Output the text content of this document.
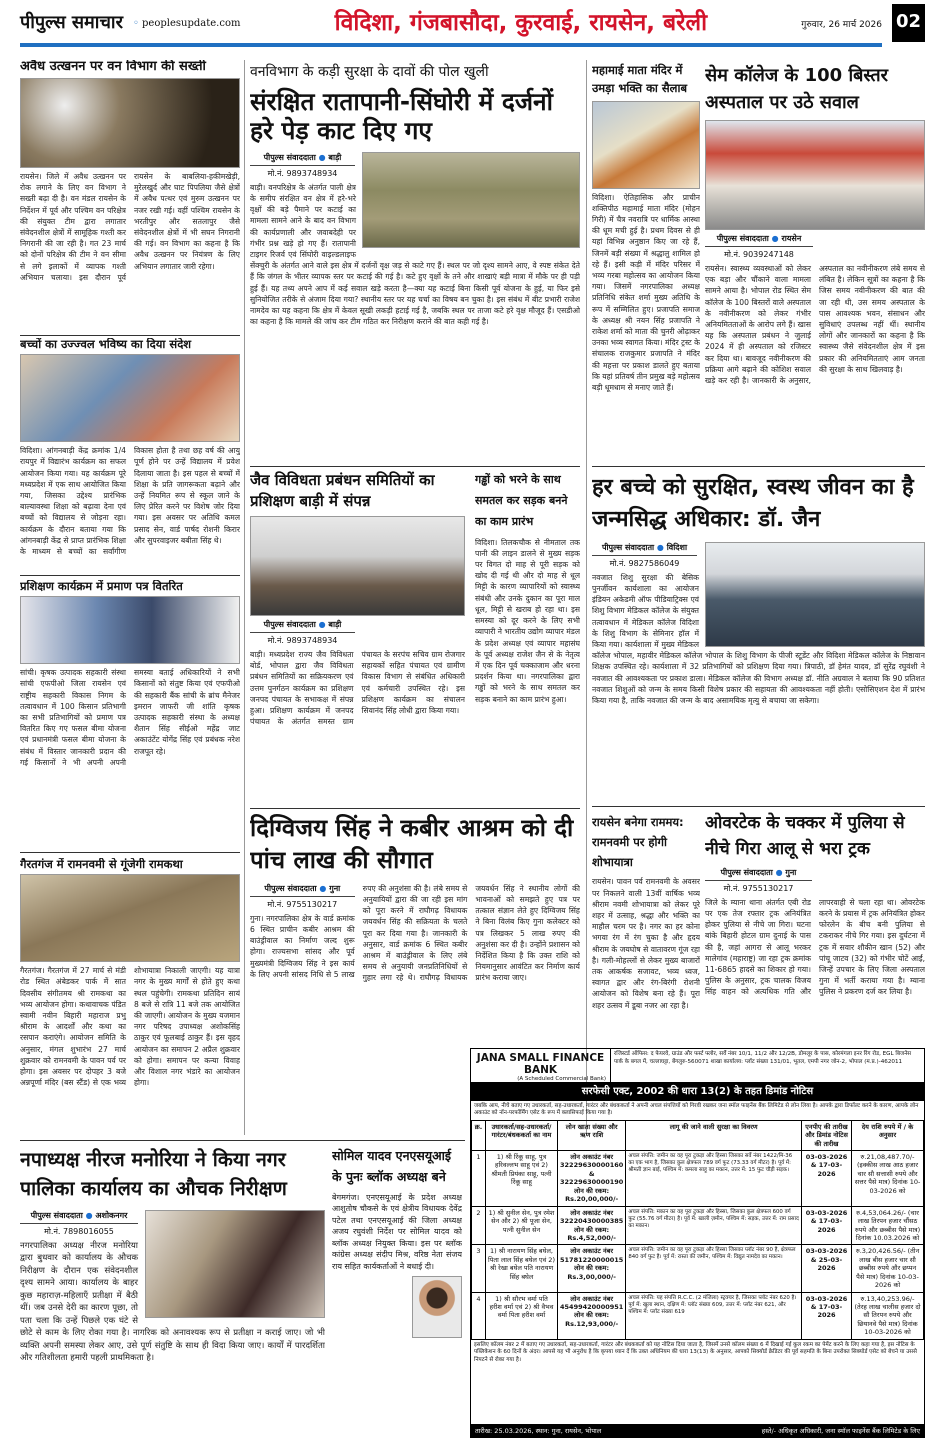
पीपुल्स समाचार ◦ peoplesupdate.com	विदिशा, गंजबासौदा, कुरवाई, रायसेन, बरेली	गुरुवार, 26 मार्च 2026 02
अवैध उत्खनन पर वन विभाग की सख्ती
रायसेन। जिले में अवैध उत्खनन पर रोक लगाने के लिए वन विभाग ने सख्ती बढ़ा दी है। वन मंडल रायसेन के निर्देशन में पूर्व और पश्चिम वन परिक्षेत्र की संयुक्त टीम द्वारा लगातार संवेदनशील क्षेत्रों में सामूहिक गश्ती कर निगरानी की जा रही है। गत 23 मार्च को दोनों परिक्षेत्र की टीम ने वन सीमा से लगे इलाकों में व्यापक गश्ती अभियान चलाया। इस दौरान पूर्व रायसेन के बाबलिया-हकीमखेड़ी, मुरेलखुर्द और घाट पिपलिया जैसे क्षेत्रों में अवैध पत्थर एवं मुरुम उत्खनन पर नजर रखी गई। वहीं पश्चिम रायसेन के भरतीपुर और सतलापुर जैसे संवेदनशील क्षेत्रों में भी सघन निगरानी की गई। वन विभाग का कहना है कि अवैध उत्खनन पर नियंत्रण के लिए अभियान लगातार जारी रहेगा।
बच्चों का उज्ज्वल भविष्य का दिया संदेश
विदिशा। आंगनबाड़ी केंद्र क्रमांक 1/4 रायपुर में विद्यारंभ कार्यक्रम का सफल आयोजन किया गया। यह कार्यक्रम पूरे मध्यप्रदेश में एक साथ आयोजित किया गया, जिसका उद्देश्य प्रारंभिक बाल्यावस्था शिक्षा को बढ़ावा देना एवं बच्चों को विद्यालय से जोड़ना रहा। कार्यक्रम के दौरान बताया गया कि आंगनबाड़ी केंद्र से प्राप्त प्रारंभिक शिक्षा के माध्यम से बच्चों का सर्वांगीण विकास होता है तथा छह वर्ष की आयु पूर्ण होने पर उन्हें विद्यालय में प्रवेश दिलाया जाता है। इस पहल से बच्चों में शिक्षा के प्रति जागरूकता बढ़ाने और उन्हें नियमित रूप से स्कूल जाने के लिए प्रेरित करने पर विशेष जोर दिया गया। इस अवसर पर अतिथि कमल प्रसाद सेन, वार्ड पार्षद रोशनी किरार और सुपरवाइजर बबीता सिंह थे।
प्रशिक्षण कार्यक्रम में प्रमाण पत्र वितरित
सांची। कृषक उत्पादक सहकारी संस्था सांची एफपीओ जिला रायसेन एवं राष्ट्रीय सहकारी विकास निगम के तत्वावधान में 100 किसान प्रतिभागी का सभी प्रतिभागियों को प्रमाण पत्र वितरित किए गए फसल बीमा योजना एवं प्रधानमंत्री फसल बीमा योजना के संबंध में विस्तार जानकारी प्रदान की गई किसानों ने भी अपनी अपनी समस्या बताई अधिकारियों ने सभी किसानों को संतुष्ट किया एवं एफपीओ की सहकारी बैंक सांची के ब्रांच मैनेजर इमरान जाफरी जी शांति कृषक उत्पादक सहकारी संस्था के अध्यक्ष शैतान सिंह सीईओ महेंद्र जाट अकाउंटेंट योगेंद्र सिंह एवं प्रबंधक नरेश राजपूत रहे।
गैरतगंज में रामनवमी से गूंजेगी रामकथा
गैरतगंज। गैरतगंज में 27 मार्च से मंडी रोड स्थित अंबेडकर पार्क में सात दिवसीय संगीतमय श्री रामकथा का भव्य आयोजन होगा। कथावाचक पंडित स्वामी नवीन बिहारी महाराज प्रभु श्रीराम के आदर्शों और कथा का रसपान कराएंगे। आयोजन समिति के अनुसार, मंगल शुभारंभ 27 मार्च शुक्रवार को रामनवमी के पावन पर्व पर होगा। इस अवसर पर दोपहर 3 बजे अन्नपूर्णा मंदिर (बस स्टैंड) से एक भव्य शोभायात्रा निकाली जाएगी। यह यात्रा नगर के मुख्य मार्गों से होते हुए कथा स्थल पहुंचेगी। रामकथा प्रतिदिन सायं 8 बजे से रात्रि 11 बजे तक आयोजित की जाएगी। आयोजन के मुख्य यजमान नगर परिषद उपाध्यक्ष अशोकसिंह ठाकुर एवं फूलबाई ठाकुर हैं। इस वृहद आयोजन का समापन 2 अप्रैल शुक्रवार को होगा। समापन पर कन्या विवाह और विशाल नगर भंडारे का आयोजन होगा।
वनविभाग के कड़ी सुरक्षा के दावों की पोल खुली
संरक्षित रातापानी-सिंघोरी में दर्जनों हरे पेड़ काट दिए गए
पीपुल्स संवाददाता ● बाड़ी
मो.नं. 9893748934
बाड़ी। वनपरिक्षेत्र के अंतर्गत पाली क्षेत्र के समीप संरक्षित वन क्षेत्र में हरे-भरे वृक्षों की बड़े पैमाने पर कटाई का मामला सामने आने के बाद वन विभाग की कार्यप्रणाली और जवाबदेही पर गंभीर प्रश्न खड़े हो गए हैं। रातापानी टाइगर रिजर्व एवं सिंघोरी वाइल्डलाइफ सेंक्चुरी के अंतर्गत आने वाले इस क्षेत्र में दर्जनों वृक्ष जड़ से काटे गए हैं। स्थल पर जो दृश्य सामने आए, वे स्पष्ट संकेत देते हैं कि जंगल के भीतर व्यापक स्तर पर कटाई की गई है। कटे हुए वृक्षों के तने और शाखाएं बड़ी मात्रा में मौके पर ही पड़ी हुई हैं। यह तथ्य अपने आप में कई सवाल खड़े करता है—क्या यह कटाई बिना किसी पूर्व योजना के हुई, या फिर इसे सुनियोजित तरीके से अंजाम दिया गया? स्थानीय स्तर पर यह चर्चा का विषय बन चुका है। इस संबंध में बीट प्रभारी राजेश नामदेव का यह कहना कि क्षेत्र में केवल सूखी लकड़ी हटाई गई है, जबकि स्थल पर ताजा कटे हरे वृक्ष मौजूद हैं। एसडीओ का कहना है कि मामले की जांच कर टीम गठित कर निरीक्षण कराने की बात कही गई है।
जैव विविधता प्रबंधन समितियों का प्रशिक्षण बाड़ी में संपन्न
पीपुल्स संवाददाता ● बाड़ी
मो.नं. 9893748934
बाड़ी। मध्यप्रदेश राज्य जैव विविधता बोर्ड, भोपाल द्वारा जैव विविधता प्रबंधन समितियों का सक्रियकरण एवं उत्तम पुनर्गठन कार्यक्रम का प्रशिक्षण जनपद पंचायत के सभाकक्ष में संपन्न हुआ। प्रशिक्षण कार्यक्रम में जनपद पंचायत के अंतर्गत समस्त ग्राम पंचायत के सरपंच सचिव ग्राम रोजगार सहायकों सहित पंचायत एवं ग्रामीण विकास विभाग से संबंधित अधिकारी एवं कर्मचारी उपस्थित रहे। इस प्रशिक्षण कार्यक्रम का संचालन सिवानंद सिंह लोधी द्वारा किया गया।
गड्ढों को भरने के साथ समतल कर सड़क बनने का काम प्रारंभ
विदिशा। तिलकचौक से नीमताल तक पानी की लाइन डालने से मुख्य सड़क पर विगत दो माह से पूरी सड़क को खोद दी गई थी और दो माह से धूल मिट्टी के कारण व्यापारियों को स्वास्थ्य संबंधी और उनके दुकान का पूरा माल धूल, मिट्टी से खराब हो रहा था। इस समस्या को दूर करने के लिए सभी व्यापारी ने भारतीय उद्योग व्यापार मंडल के प्रदेश अध्यक्ष एवं व्यापार महासंघ के पूर्व अध्यक्ष राजेश जैन से के नेतृत्व में एक दिन पूर्व चक्काजाम और धरना प्रदर्शन किया था। नगरपालिका द्वारा गड्ढों को भरने के साथ समतल कर सड़क बनाने का काम प्रारंभ हुआ।
दिग्विजय सिंह ने कबीर आश्रम को दी पांच लाख की सौगात
पीपुल्स संवाददाता ● गुना
मो.नं. 9755130217
गुना। नगरपालिका क्षेत्र के वार्ड क्रमांक 6 स्थित प्राचीन कबीर आश्रम की बाउंड्रीवाल का निर्माण जल्द शुरू होगा। राज्यसभा सांसद और पूर्व मुख्यमंत्री दिग्विजय सिंह ने इस कार्य के लिए अपनी सांसद निधि से 5 लाख रुपए की अनुशंसा की है। लंबे समय से अनुयायियों द्वारा की जा रही इस मांग को पूरा करने में राघौगढ़ विधायक जयवर्धन सिंह की सक्रियता के चलते पूरा कर दिया गया है। जानकारी के अनुसार, वार्ड क्रमांक 6 स्थित कबीर आश्रम में बाउंड्रीवाल के लिए लंबे समय से अनुयायी जनप्रतिनिधियों से गुहार लगा रहे थे। राघौगढ़ विधायक जयवर्धन सिंह ने स्थानीय लोगों की भावनाओं को समझते हुए पत्र पर तत्काल संज्ञान लेते हुए दिग्विजय सिंह ने बिना विलंब किए गुना कलेक्टर को पत्र लिखकर 5 लाख रुपए की अनुशंसा कर दी है। उन्होंने प्रशासन को निर्देशित किया है कि उक्त राशि को नियमानुसार आवंटित कर निर्माण कार्य प्रारंभ कराया जाए।
महामाई माता मंदिर में उमड़ा भक्ति का सैलाब
विदिशा। ऐतिहासिक और प्राचीन शक्तिपीठ महामाई माता मंदिर (मोहन गिरी) में चैत्र नवरात्रि पर धार्मिक आस्था की धूम मची हुई है। प्रथम दिवस से ही यहां विभिन्न अनुष्ठान किए जा रहे हैं, जिनमें बड़ी संख्या में श्रद्धालु शामिल हो रहे हैं। इसी कड़ी में मंदिर परिसर में भव्य गरबा महोत्सव का आयोजन किया गया। जिसमें नगरपालिका अध्यक्ष प्रतिनिधि संकेत शर्मा मुख्य अतिथि के रूप में सम्मिलित हुए। प्रजापति समाज के अध्यक्ष श्री नयन सिंह प्रजापति ने राकेश शर्मा को माता की चुनरी ओढ़ाकर उनका भव्य स्वागत किया। मंदिर ट्रस्ट के संचालक राजकुमार प्रजापति ने मंदिर की महत्ता पर प्रकाश डालते हुए बताया कि यहां प्रतिवर्ष तीन प्रमुख बड़े महोत्सव बड़ी धूमधाम से मनाए जाते हैं।
सेम कॉलेज के 100 बिस्तर अस्पताल पर उठे सवाल
पीपुल्स संवाददाता ● रायसेन
मो.नं. 9039247148
रायसेन। स्वास्थ्य व्यवस्थाओं को लेकर एक बड़ा और चौंकाने वाला मामला सामने आया है। भोपाल रोड स्थित सेम कॉलेज के 100 बिस्तरों वाले अस्पताल के नवीनीकरण को लेकर गंभीर अनियमितताओं के आरोप लगे हैं। खास यह कि अस्पताल प्रबंधन ने जुलाई 2024 में ही अस्पताल को रजिस्टर कर दिया था। बावजूद नवीनीकरण की प्रक्रिया आगे बढ़ाने की कोशिश सवाल खड़े कर रही है। जानकारी के अनुसार, अस्पताल का नवीनीकरण लंबे समय से लंबित है। लेकिन सूत्रों का कहना है कि जिस समय नवीनीकरण की बात की जा रही थी, उस समय अस्पताल के पास आवश्यक भवन, संसाधन और सुविधाएं उपलब्ध नहीं थीं। स्थानीय लोगों और जानकारों का कहना है कि स्वास्थ्य जैसे संवेदनशील क्षेत्र में इस प्रकार की अनियमितताएं आम जनता की सुरक्षा के साथ खिलवाड़ है।
हर बच्चे को सुरक्षित, स्वस्थ जीवन का है जन्मसिद्ध अधिकार: डॉ. जैन
पीपुल्स संवाददाता ● विदिशा
मो.नं. 9827586049
नवजात शिशु सुरक्षा की बेसिक पुनर्जीवन कार्यशाला का आयोजन इंडियन अकेडमी ऑफ पीडियाट्रिक्स एवं शिशु विभाग मेडिकल कॉलेज के संयुक्त तत्वावधान में मेडिकल कॉलेज विदिशा के शिशु विभाग के सेमिनार हॉल में किया गया। कार्यशाला में मुख्य मेडिकल कॉलेज भोपाल, महावीर मेडिकल कॉलेज भोपाल के शिशु विभाग के पीजी स्टूडेंट और विदिशा मेडिकल कॉलेज के निष्ठावान शिक्षक उपस्थित रहे। कार्यशाला में 32 प्रतिभागियों को प्रशिक्षण दिया गया। त्रिपाठी, डॉ हेमंत यादव, डॉ सुरेंद्र रघुवंशी ने नवजात की आवश्यकता पर प्रकाश डाला। मेडिकल कॉलेज की विभाग अध्यक्ष डॉ. नीति अग्रवाल ने बताया कि 90 प्रतिशत नवजात शिशुओं को जन्म के समय किसी विशेष प्रकार की सहायता की आवश्यकता नहीं होती। एसोसिएशन देश में प्रारंभ किया गया है, ताकि नवजात की जन्म के बाद असामयिक मृत्यु से बचाया जा सकेगा।
रायसेन बनेगा राममय: रामनवमी पर होगी शोभायात्रा
रायसेन। पावन पर्व रामनवमी के अवसर पर निकलने वाली 13वीं वार्षिक भव्य श्रीराम नवमी शोभायात्रा को लेकर पूरे शहर में उत्साह, श्रद्धा और भक्ति का माहौल चरम पर है। नगर का हर कोना भगवा रंग में रंग चुका है और हृदय श्रीराम के जयघोष से वातावरण गूंज रहा है। गली-मोहल्लों से लेकर मुख्य बाजारों तक आकर्षक सजावट, भव्य ध्वज, स्वागत द्वार और रंग-बिरंगी रोशनी आयोजन को विशेष बना रहे हैं। पूरा शहर उत्सव में डूबा नजर आ रहा है।
ओवरटेक के चक्कर में पुलिया से नीचे गिरा आलू से भरा ट्रक
पीपुल्स संवाददाता ● गुना
मो.नं. 9755130217
जिले के म्याना थाना अंतर्गत एबी रोड पर एक तेज रफ्तार ट्रक अनियंत्रित होकर पुलिया से नीचे जा गिरा। घटना बांके बिहारी होटल ग्राम दुनाई के पास की है, जहां आगरा से आलू भरकर मालेगांव (महाराष्ट्र) जा रहा ट्रक क्रमांक 11-6865 हादसे का शिकार हो गया। पुलिस के अनुसार, ट्रक चालक विजय सिंह वाहन को अत्यधिक गति और लापरवाही से चला रहा था। ओवरटेक करने के प्रयास में ट्रक अनियंत्रित होकर फोरलेन के बीच बनी पुलिया से टकराकर नीचे गिर गया। इस दुर्घटना में ट्रक में सवार शौकीन खान (52) और पांचू जाटव (32) को गंभीर चोटें आईं, जिन्हें उपचार के लिए जिला अस्पताल गुना में भर्ती कराया गया है। म्याना पुलिस ने प्रकरण दर्ज कर लिया है।
नपाध्यक्ष नीरज मनोरिया ने किया नगर पालिका कार्यालय का औचक निरीक्षण
पीपुल्स संवाददाता ● अशोकनगर
मो.नं. 7898016055
नगरपालिका अध्यक्ष नीरज मनोरिया द्वारा बुधवार को कार्यालय के औचक निरीक्षण के दौरान एक संवेदनशील दृश्य सामने आया। कार्यालय के बाहर कुछ महाराज़-महिलाएँ प्रतीक्षा में बैठी थीं। जब उनसे देरी का कारण पूछा, तो पता चला कि उन्हें पिछले एक घंटे से छोटे से काम के लिए रोका गया है। नागरिक को अनावश्यक रूप से प्रतीक्षा न कराई जाए। जो भी व्यक्ति अपनी समस्या लेकर आए, उसे पूर्ण संतुष्टि के साथ ही विदा किया जाए। कार्यों में पारदर्शिता और गतिशीलता हमारी पहली प्राथमिकता है।
सोमिल यादव एनएसयूआई के पुनः ब्लॉक अध्यक्ष बने
बेगमगंज। एनएसयूआई के प्रदेश अध्यक्ष आशुतोष चौकसे के एवं क्षेत्रीय विधायक देवेंद्र पटेल तथा एनएसयूआई की जिला अध्यक्ष अजय रघुवंशी निर्देश पर सोमिल यादव को ब्लॉक अध्यक्ष नियुक्त किया। इस पर ब्लॉक कांग्रेस अध्यक्ष संदीप मिश्र, वरिष्ठ नेता संजय राय सहित कार्यकर्ताओं ने बधाई दी।
JANA SMALL FINANCE BANK
(A Scheduled Commercial Bank)
रजिस्टर्ड ऑफिस: द फेयरवे, ग्राउंड और फर्स्ट फ्लोर, सर्वे नंबर 10/1, 11/2 और 12/2B, डोमलूर के पास, कोरमंगला इनर रिंग रोड, EGL बिजनेस पार्क के बगल में, चल्लाघट्टा, बेंगलुरु-560071 शाखा कार्यालय: प्लॉट संख्या 131/01, भूतल, एमपी नगर जोन-2, भोपाल (म.प्र.)-462011
सरफेसी एक्ट, 2002 की धारा 13(2) के तहत डिमांड नोटिस
जबकि आप, नीचे बताए गए उधारकर्ता, सह-उधारकर्ता, गारंटर और बंधककर्ता ने अपनी अचल संपत्तियों को गिरवी रखकर जना स्मॉल फाइनेंस बैंक लिमिटेड से लोन लिया है। आपके द्वारा डिफॉल्ट करने के कारण, आपके लोन अकाउंट को नॉन-परफॉर्मिंग एसेट के रूप में क्लासिफाई किया गया है।
क्र.	उधारकर्ता/सह-उधारकर्ता/गारंटर/बंधककर्ता का नाम	लोन खाता संख्या और ऋण राशि	लागू की जाने वाली सुरक्षा का विवरण	एनपीए की तारीख और डिमांड नोटिस की तारीख	देय राशि रुपये में / के अनुसार
1	1) श्री रिंकू साहू, पुत्र हरिवल्लभ साहू एवं 2) श्रीमती प्रियंका साहू, पत्नी रिंकू साहू	लोन अकाउंट नंबर 32229630000160 & 32229630000190 लोन की रकम: Rs.20,00,000/-	अचल संपत्ति: जमीन का वह पूरा टुकड़ा और हिस्सा जिसका सर्वे नंबर 1422/मि-36 का एक भाग है, जिसका कुल क्षेत्रफल 789 वर्ग फुट (73.33 वर्ग मीटर) है। पूर्व में: श्रीमती ज्ञान बाई, पश्चिम में: कमला साहू का मकान, उत्तर में: 15 फुट चौड़ी सड़क।	03-03-2026 & 17-03-2026	रु.21,08,487.70/- (इक्कीस लाख आठ हजार चार सौ सत्तासी रुपये और सत्तर पैसे मात्र) दिनांक 10-03-2026 को
2	1) श्री सुनील सेन, पुत्र रमेश सेन और 2) श्री पूजा सेन, पत्नी सुनील सेन	लोन अकाउंट नंबर 32220430000385 लोन की रकम: Rs.4,52,000/-	अचल संपत्ति: मकान का वह पूरा टुकड़ा और हिस्सा, जिसका कुल क्षेत्रफल 600 वर्ग फुट (55.76 वर्ग मीटर) है। पूर्व में: खाली ज़मीन, पश्चिम में: सड़क, उत्तर में: राम प्रसाद का मकान।	03-03-2026 & 17-03-2026	रु.4,53,064.26/- (चार लाख तिरपन हजार चौंसठ रुपये और छब्बीस पैसे मात्र) दिनांक 10.03.2026 को
3	1) श्री नारायण सिंह बघेल, पिता लाल सिंह बघेल एवं 2) श्री रेखा बघेल पति नारायण सिंह बघेल	लोन अकाउंट नंबर 51781220000015 लोन की रकम: Rs.3,00,000/-	अचल संपत्ति: जमीन का वह पूरा टुकड़ा और हिस्सा जिसका प्लॉट नंबर 90 है, क्षेत्रफल 840 वर्ग फुट है। पूर्व में: रास्ता की जमीन, पश्चिम में: विद्युत नामदेव का मकान।	03-03-2026 & 25-03-2026	रु.3,20,426.56/- (तीन लाख बीस हजार चार सौ छब्बीस रुपये और छप्पन पैसे मात्र) दिनांक 10-03-2026 को
4	1) श्री सौरभ वर्मा पति हरीश वर्मा एवं 2) श्री वैभव वर्मा पिता हरीश वर्मा	लोन अकाउंट नंबर 45499420000951 लोन की रकम: Rs.12,93,000/-	अचल संपत्ति: यह संपत्ति R.C.C. (2 मंजिला) स्ट्रक्चर है, जिसका प्लॉट नंबर 620 है। पूर्व में: खुला स्थान, दक्षिण में: प्लॉट संख्या 609, उत्तर में: प्लॉट नंबर 621, और पश्चिम में: प्लॉट संख्या 619	03-03-2026 & 17-03-2026	रु.13,40,253.96/- (तेरह लाख चालीस हजार दो सौ तिरपन रुपये और छियानवे पैसे मात्र) दिनांक 10-03-2026 को
इसलिए कॉलम नंबर 2 में बताए गए उधारकर्ता, सह-उधारकर्ता, गारंटर और बंधककर्ता को यह नोटिस दिया जाता है, जिसमें उनसे कॉलम संख्या 6 में दिखाई गई कुल रकम का पेमेंट करने के लिए कहा गया है, इस नोटिस के पब्लिकेशन के 60 दिनों के अंदर। आपसे यह भी अनुरोध है कि कृपया ध्यान दें कि उक्त अधिनियम की धारा 13(13) के अनुसार, आपको सिक्योर्ड क्रेडिटर की पूर्व सहमति के बिना उपरोक्त सिक्योर्ड एसेट को बेचने या उससे निपटने से रोका गया है।
तारीख: 25.03.2026, स्थान: गुना, रायसेन, भोपाल	हस्ते/- अधिकृत अधिकारी, जना स्मॉल फाइनेंस बैंक लिमिटेड के लिए
